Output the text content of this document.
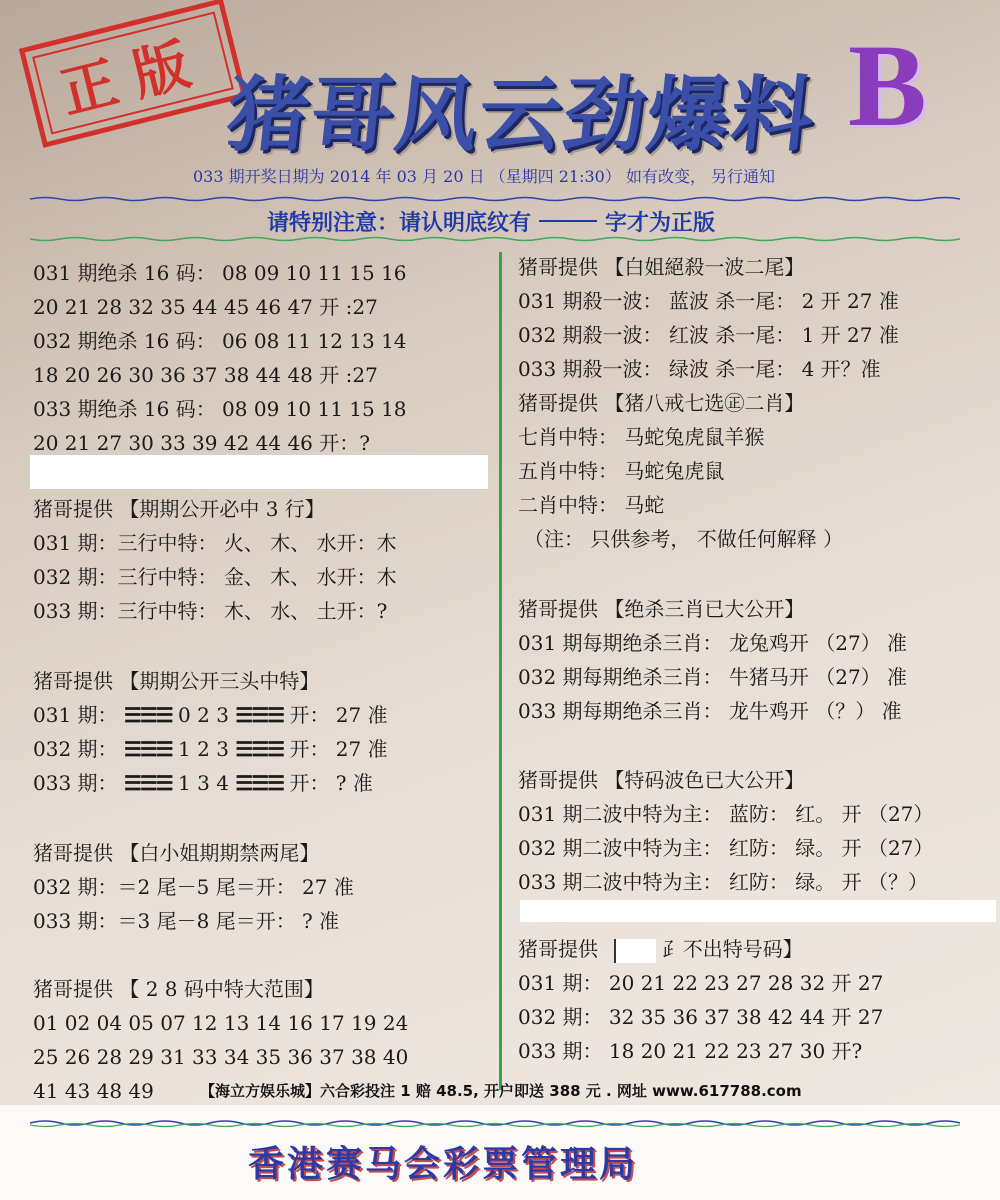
正版 猪哥风云劲爆料 B
033 期开奖日期为 2014 年 03 月 20 日 （星期四 21:30） 如有改变， 另行通知
请特别注意：请认明底纹有	字才为正版
031 期绝杀 16 码： 08 09 10 11 15 16
20 21 28 32 35 44 45 46 47 开 :27
032 期绝杀 16 码： 06 08 11 12 13 14
18 20 26 30 36 37 38 44 48 开 :27
033 期绝杀 16 码： 08 09 10 11 15 18
20 21 27 30 33 39 42 44 46 开：?
猪哥提供 【期期公开必中 3 行】
031 期：三行中特： 火、 木、 水开：木
032 期：三行中特： 金、 木、 水开：木
033 期：三行中特： 木、 水、 土开：?
猪哥提供 【期期公开三头中特】
031 期： ☰☰☰ 0 2 3 ☰☰☰ 开： 27 准
032 期： ☰☰☰ 1 2 3 ☰☰☰ 开： 27 准
033 期： ☰☰☰ 1 3 4 ☰☰☰ 开： ? 准
猪哥提供 【白小姐期期禁两尾】
032 期：＝2 尾－5 尾＝开： 27 准
033 期：＝3 尾－8 尾＝开： ? 准
猪哥提供 【 2 8 码中特大范围】
01 02 04 05 07 12 13 14 16 17 19 24
25 26 28 29 31 33 34 35 36 37 38 40
41 43 48 49
猪哥提供 【白姐絕殺一波二尾】
031 期殺一波： 蓝波 杀一尾： 2 开 27 准
032 期殺一波： 红波 杀一尾： 1 开 27 准
033 期殺一波： 绿波 杀一尾： 4 开？准
猪哥提供 【猪八戒七选㊣二肖】
七肖中特： 马蛇兔虎鼠羊猴
五肖中特： 马蛇兔虎鼠
二肖中特： 马蛇
（注： 只供参考， 不做任何解释 ）
猪哥提供 【绝杀三肖已大公开】
031 期每期绝杀三肖： 龙兔鸡开 （27） 准
032 期每期绝杀三肖： 牛猪马开 （27） 准
033 期每期绝杀三肖： 龙牛鸡开 （？） 准
猪哥提供 【特码波色已大公开】
031 期二波中特为主： 蓝防： 红。 开 （27）
032 期二波中特为主： 红防： 绿。 开 （27）
033 期二波中特为主： 红防： 绿。 开 （？）
猪哥提供	⺪不出特号码】
031 期： 20 21 22 23 27 28 32 开 27
032 期： 32 35 36 37 38 42 44 开 27
033 期： 18 20 21 22 23 27 30 开?
【海立方娱乐城】六合彩投注 1 赔 48.5, 开户即送 388 元 . 网址 www.617788.com
香港赛马会彩票管理局
